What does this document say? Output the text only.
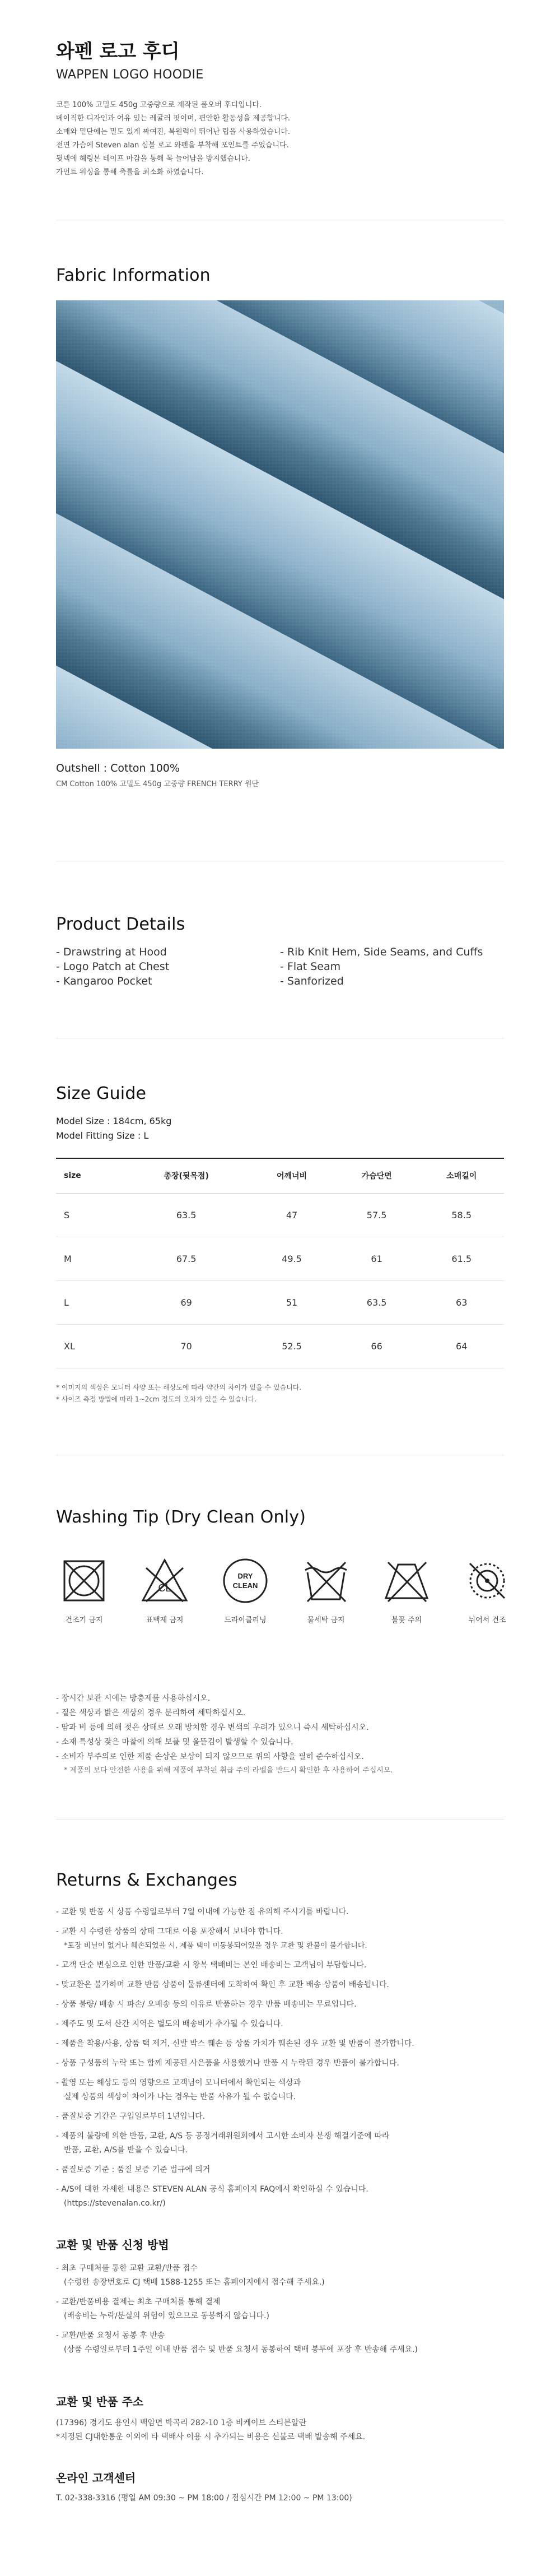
와펜 로고 후디
WAPPEN LOGO HOODIE
코튼 100% 고밀도 450g 고중량으로 제작된 풀오버 후디입니다.
베이직한 디자인과 여유 있는 레귤러 핏이며, 편안한 활동성을 제공합니다.
소매와 밑단에는 밀도 있게 짜여진, 복원력이 뛰어난 립을 사용하였습니다.
전면 가슴에 Steven alan 심볼 로고 와펜을 부착해 포인트를 주었습니다.
뒷넥에 헤링본 테이프 마감을 통해 목 늘어남을 방지했습니다.
가먼트 워싱을 통해 축률을 최소화 하였습니다.
Fabric Information
Outshell : Cotton 100%
CM Cotton 100% 고밀도 450g 고중량 FRENCH TERRY 원단
Product Details
- Drawstring at Hood	- Rib Knit Hem, Side Seams, and Cuffs
- Logo Patch at Chest	- Flat Seam
- Kangaroo Pocket	- Sanforized
Size Guide
Model Size : 184cm, 65kg
Model Fitting Size : L
size	총장(뒷목점)	어깨너비	가슴단면	소매길이
S	63.5	47	57.5	58.5
M	67.5	49.5	61	61.5
L	69	51	63.5	63
XL	70	52.5	66	64
* 이미지의 색상은 모니터 사양 또는 해상도에 따라 약간의 차이가 있을 수 있습니다.
* 사이즈 측정 방법에 따라 1~2cm 정도의 오차가 있을 수 있습니다.
Washing Tip (Dry Clean Only)
건조기 금지
CL
표백제 금지
DRY
CLEAN
드라이클리닝	물세탁 금지	불꽃 주의	뉘어서 건조
- 장시간 보관 시에는 방충제를 사용하십시오.
- 짙은 색상과 밝은 색상의 경우 분리하여 세탁하십시오.
- 땀과 비 등에 의해 젖은 상태로 오래 방치할 경우 변색의 우려가 있으니 즉시 세탁하십시오.
- 소재 특성상 잦은 마찰에 의해 보풀 및 올뜯김이 발생할 수 있습니다.
- 소비자 부주의로 인한 제품 손상은 보상이 되지 않으므로 위의 사항을 필히 준수하십시오.
* 제품의 보다 안전한 사용을 위해 제품에 부착된 취급 주의 라벨을 반드시 확인한 후 사용하여 주십시오.
Returns & Exchanges
- 교환 및 반품 시 상품 수령일로부터 7일 이내에 가능한 점 유의해 주시기를 바랍니다.
- 교환 시 수령한 상품의 상태 그대로 이용 포장해서 보내야 합니다.
*포장 비닐이 없거나 훼손되었을 시, 제품 택이 미동봉되어있을 경우 교환 및 환불이 불가합니다.
- 고객 단순 변심으로 인한 반품/교환 시 왕복 택배비는 본인 배송비는 고객님이 부담합니다.
- 맞교환은 불가하며 교환 반품 상품이 물류센터에 도착하여 확인 후 교환 배송 상품이 배송됩니다.
- 상품 불량/ 배송 시 파손/ 오배송 등의 이유로 반품하는 경우 반품 배송비는 무료입니다.
- 제주도 및 도서 산간 지역은 별도의 배송비가 추가될 수 있습니다.
- 제품을 착용/사용, 상품 택 제거, 신발 박스 훼손 등 상품 가치가 훼손된 경우 교환 및 반품이 불가합니다.
- 상품 구성품의 누락 또는 함께 제공된 사은품을 사용했거나 반품 시 누락된 경우 반품이 불가합니다.
- 촬영 또는 해상도 등의 영향으로 고객님이 모니터에서 확인되는 색상과
실제 상품의 색상이 차이가 나는 경우는 반품 사유가 될 수 없습니다.
- 품질보증 기간은 구입일로부터 1년입니다.
- 제품의 불량에 의한 반품, 교환, A/S 등 공정거래위원회에서 고시한 소비자 분쟁 해결기준에 따라
반품, 교환, A/S를 받을 수 있습니다.
- 품질보증 기준 : 품질 보증 기준 법규에 의거
- A/S에 대한 자세한 내용은 STEVEN ALAN 공식 홈페이지 FAQ에서 확인하실 수 있습니다.
(https://stevenalan.co.kr/)
교환 및 반품 신청 방법
- 최초 구매처를 통한 교환 교환/반품 접수
(수령한 송장번호로 CJ 택배 1588-1255 또는 홈페이지에서 접수해 주세요.)
- 교환/반품비용 결제는 최초 구매처를 통해 결제
(배송비는 누락/분실의 위험이 있으므로 동봉하지 않습니다.)
- 교환/반품 요청서 동봉 후 반송
(상품 수령일로부터 1주일 이내 반품 접수 및 반품 요청서 동봉하여 택배 봉투에 포장 후 반송해 주세요.)
교환 및 반품 주소
(17396) 경기도 용인시 백암면 박곡리 282-10 1층 비케이브 스티븐알란
*지정된 CJ대한통운 이외에 타 택배사 이용 시 추가되는 비용은 선불로 택배 발송해 주세요.
온라인 고객센터
T. 02-338-3316 (평일 AM 09:30 ~ PM 18:00 / 점심시간 PM 12:00 ~ PM 13:00)
